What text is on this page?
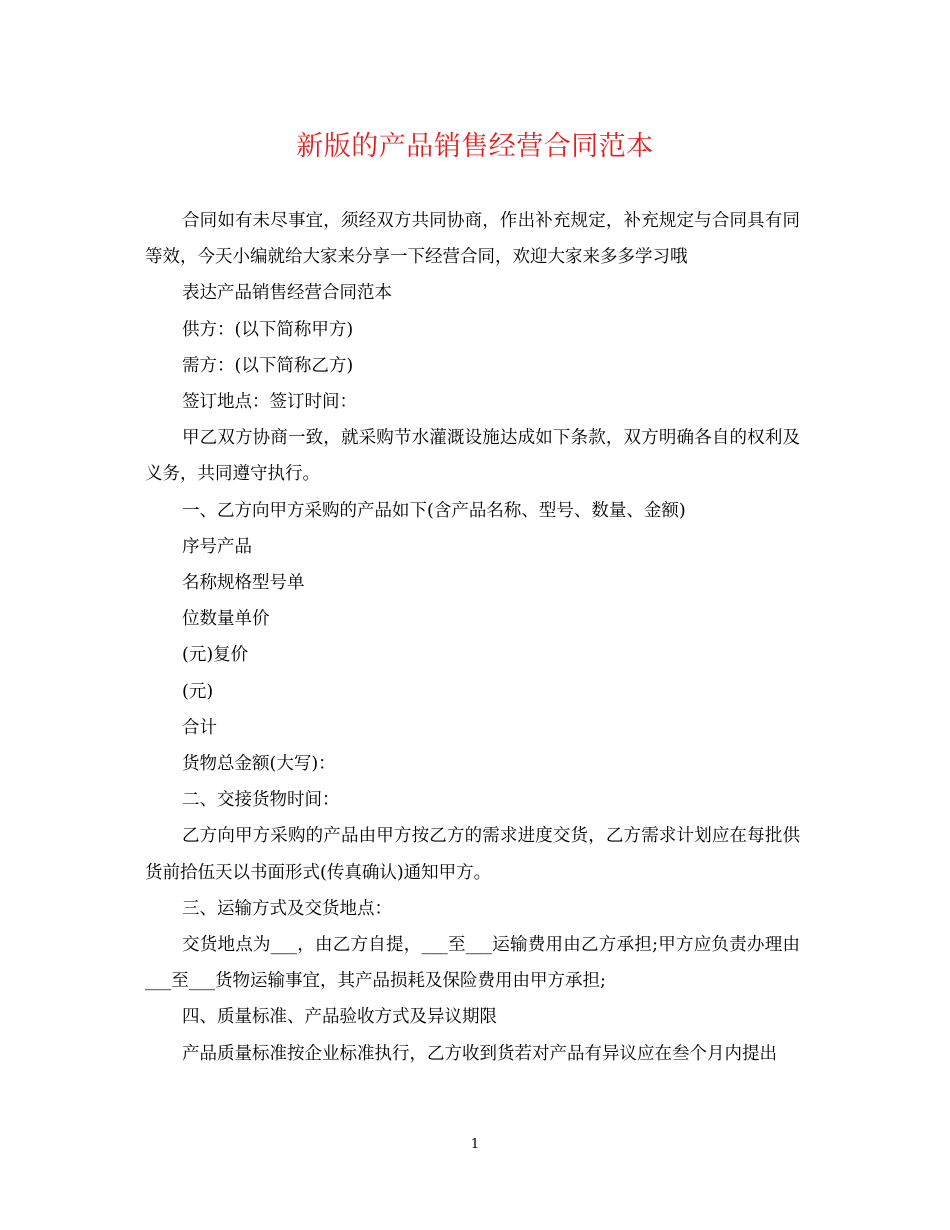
新版的产品销售经营合同范本

合同如有未尽事宜，须经双方共同协商，作出补充规定，补充规定与合同具有同等效，今天小编就给大家来分享一下经营合同，欢迎大家来多多学习哦

表达产品销售经营合同范本

供方：(以下简称甲方)

需方：(以下简称乙方)

签订地点：签订时间：

甲乙双方协商一致，就采购节水灌溉设施达成如下条款，双方明确各自的权利及义务，共同遵守执行。

一、乙方向甲方采购的产品如下(含产品名称、型号、数量、金额)

序号产品

名称规格型号单

位数量单价

(元)复价

(元)

合计

货物总金额(大写)：

二、交接货物时间：

乙方向甲方采购的产品由甲方按乙方的需求进度交货，乙方需求计划应在每批供货前拾伍天以书面形式(传真确认)通知甲方。

三、运输方式及交货地点：

交货地点为___，由乙方自提，___至___运输费用由乙方承担;甲方应负责办理由___至___货物运输事宜，其产品损耗及保险费用由甲方承担;

四、质量标准、产品验收方式及异议期限

产品质量标准按企业标准执行，乙方收到货若对产品有异议应在叁个月内提出

1
